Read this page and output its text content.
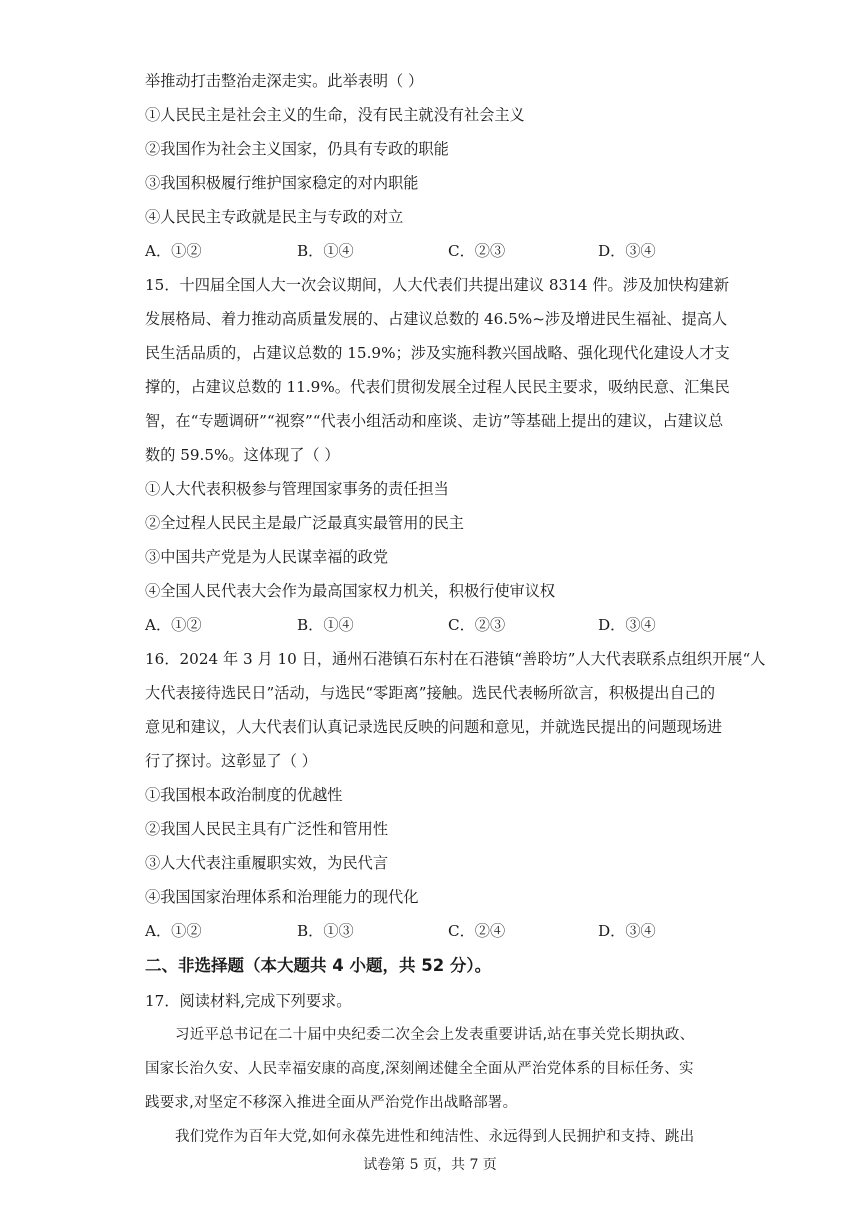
举推动打击整治走深走实。此举表明（ ）
①人民民主是社会主义的生命，没有民主就没有社会主义
②我国作为社会主义国家，仍具有专政的职能
③我国积极履行维护国家稳定的对内职能
④人民民主专政就是民主与专政的对立
A．①②	B．①④	C．②③	D．③④
15．十四届全国人大一次会议期间，人大代表们共提出建议 8314 件。涉及加快构建新
发展格局、着力推动高质量发展的、占建议总数的 46.5%~涉及增进民生福祉、提高人
民生活品质的，占建议总数的 15.9%；涉及实施科教兴国战略、强化现代化建设人才支
撑的，占建议总数的 11.9%。代表们贯彻发展全过程人民民主要求，吸纳民意、汇集民
智，在“专题调研”“视察”“代表小组活动和座谈、走访”等基础上提出的建议，占建议总
数的 59.5%。这体现了（ ）
①人大代表积极参与管理国家事务的责任担当
②全过程人民民主是最广泛最真实最管用的民主
③中国共产党是为人民谋幸福的政党
④全国人民代表大会作为最高国家权力机关，积极行使审议权
A．①②	B．①④	C．②③	D．③④
16．2024 年 3 月 10 日，通州石港镇石东村在石港镇“善聆坊”人大代表联系点组织开展“人
大代表接待选民日”活动，与选民“零距离”接触。选民代表畅所欲言，积极提出自己的
意见和建议，人大代表们认真记录选民反映的问题和意见，并就选民提出的问题现场进
行了探讨。这彰显了（ ）
①我国根本政治制度的优越性
②我国人民民主具有广泛性和管用性
③人大代表注重履职实效，为民代言
④我国国家治理体系和治理能力的现代化
A．①②	B．①③	C．②④	D．③④
二、非选择题（本大题共 4 小题，共 52 分）。
17．阅读材料,完成下列要求。
习近平总书记在二十届中央纪委二次全会上发表重要讲话,站在事关党长期执政、
国家长治久安、人民幸福安康的高度,深刻阐述健全全面从严治党体系的目标任务、实
践要求,对坚定不移深入推进全面从严治党作出战略部署。
我们党作为百年大党,如何永葆先进性和纯洁性、永远得到人民拥护和支持、跳出
试卷第 5 页，共 7 页
